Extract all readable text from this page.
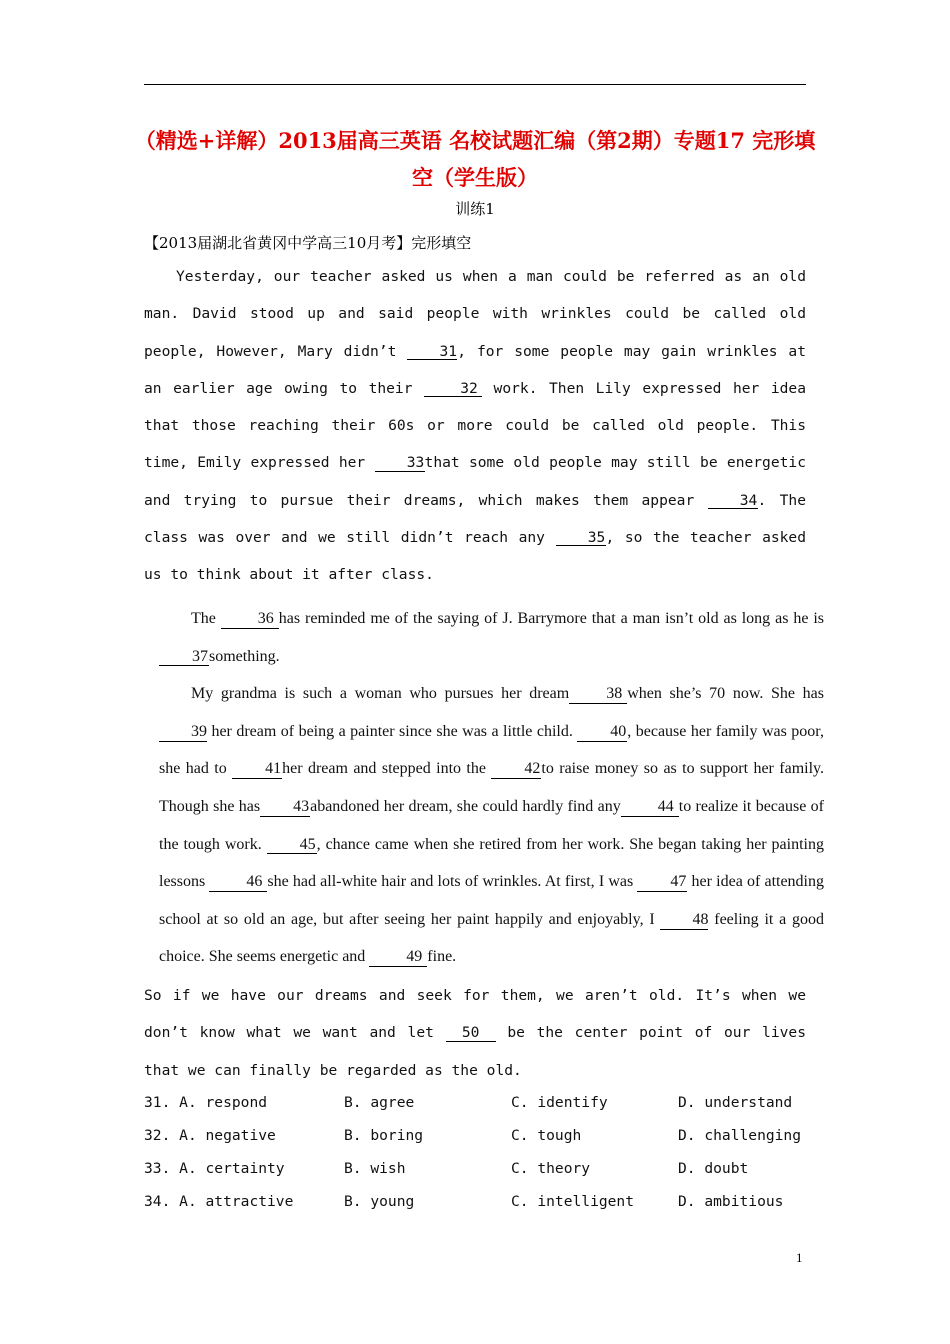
（精选+详解）2013届高三英语 名校试题汇编（第2期）专题17 完形填空（学生版）
训练1
【2013届湖北省黄冈中学高三10月考】完形填空

Yesterday, our teacher asked us when a man could be referred as an old man. David stood up and said people with wrinkles could be called old people, However, Mary didn’t 31, for some people may gain wrinkles at an earlier age owing to their 32 work. Then Lily expressed her idea that those reaching their 60s or more could be called old people. This time, Emily expressed her 33that some old people may still be energetic and trying to pursue their dreams, which makes them appear 34. The class was over and we still didn’t reach any 35, so the teacher asked us to think about it after class.

The 36 has reminded me of the saying of J. Barrymore that a man isn’t old as long as he is 37something.

My grandma is such a woman who pursues her dream 38 when she’s 70 now. She has 39 her dream of being a painter since she was a little child. 40, because her family was poor, she had to 41her dream and stepped into the 42to raise money so as to support her family. Though she has 43abandoned her dream, she could hardly find any 44 to realize it because of the tough work. 45, chance came when she retired from her work. She began taking her painting lessons 46 she had all-white hair and lots of wrinkles. At first, I was 47 her idea of attending school at so old an age, but after seeing her paint happily and enjoyably, I 48 feeling it a good choice. She seems energetic and 49 fine.

So if we have our dreams and seek for them, we aren’t old. It’s when we don’t know what we want and let 50 be the center point of our lives that we can finally be regarded as the old.
31. A. respond	B. agree	C. identify	D. understand
32. A. negative	B. boring	C. tough	D. challenging
33. A. certainty	B. wish	C. theory	D. doubt
34. A. attractive	B. young	C. intelligent	D. ambitious
1
